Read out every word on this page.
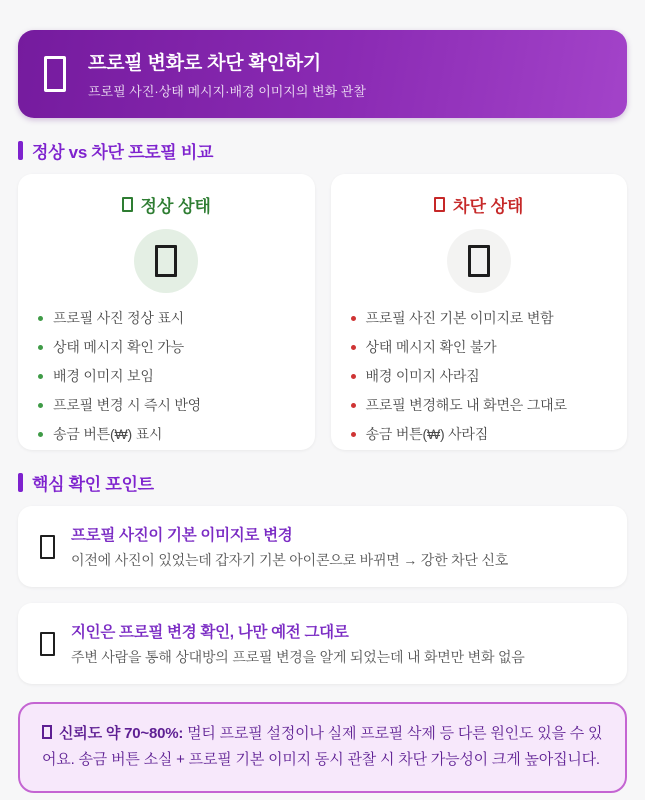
프로필 변화로 차단 확인하기
프로필 사진·상태 메시지·배경 이미지의 변화 관찰
정상 vs 차단 프로필 비교
정상 상태
프로필 사진 정상 표시
상태 메시지 확인 가능
배경 이미지 보임
프로필 변경 시 즉시 반영
송금 버튼(₩) 표시
차단 상태
프로필 사진 기본 이미지로 변함
상태 메시지 확인 불가
배경 이미지 사라짐
프로필 변경해도 내 화면은 그대로
송금 버튼(₩) 사라짐
핵심 확인 포인트
프로필 사진이 기본 이미지로 변경
이전에 사진이 있었는데 갑자기 기본 아이콘으로 바뀌면 → 강한 차단 신호
지인은 프로필 변경 확인, 나만 예전 그대로
주변 사람을 통해 상대방의 프로필 변경을 알게 되었는데 내 화면만 변화 없음
신뢰도 약 70~80%: 멀티 프로필 설정이나 실제 프로필 삭제 등 다른 원인도 있을 수 있어요. 송금 버튼 소실 + 프로필 기본 이미지 동시 관찰 시 차단 가능성이 크게 높아집니다.
